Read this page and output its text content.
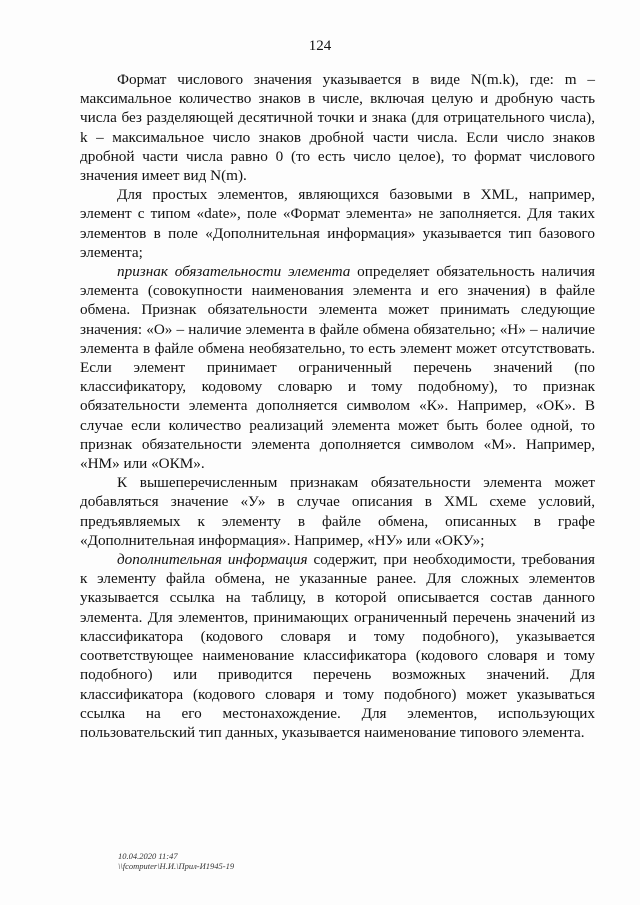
124

Формат числового значения указывается в виде N(m.k), где: m – максимальное количество знаков в числе, включая целую и дробную часть числа без разделяющей десятичной точки и знака (для отрицательного числа), k – максимальное число знаков дробной части числа. Если число знаков дробной части числа равно 0 (то есть число целое), то формат числового значения имеет вид N(m).

Для простых элементов, являющихся базовыми в XML, например, элемент с типом «date», поле «Формат элемента» не заполняется. Для таких элементов в поле «Дополнительная информация» указывается тип базового элемента;

признак обязательности элемента определяет обязательность наличия элемента (совокупности наименования элемента и его значения) в файле обмена. Признак обязательности элемента может принимать следующие значения: «О» – наличие элемента в файле обмена обязательно; «Н» – наличие элемента в файле обмена необязательно, то есть элемент может отсутствовать. Если элемент принимает ограниченный перечень значений (по классификатору, кодовому словарю и тому подобному), то признак обязательности элемента дополняется символом «К». Например, «ОК». В случае если количество реализаций элемента может быть более одной, то признак обязательности элемента дополняется символом «М». Например, «НМ» или «ОКМ».

К вышеперечисленным признакам обязательности элемента может добавляться значение «У» в случае описания в XML схеме условий, предъявляемых к элементу в файле обмена, описанных в графе «Дополнительная информация». Например, «НУ» или «ОКУ»;

дополнительная информация содержит, при необходимости, требования к элементу файла обмена, не указанные ранее. Для сложных элементов указывается ссылка на таблицу, в которой описывается состав данного элемента. Для элементов, принимающих ограниченный перечень значений из классификатора (кодового словаря и тому подобного), указывается соответствующее наименование классификатора (кодового словаря и тому подобного) или приводится перечень возможных значений. Для классификатора (кодового словаря и тому подобного) может указываться ссылка на его местонахождение. Для элементов, использующих пользовательский тип данных, указывается наименование типового элемента.

10.04.2020 11:47
\\fcomputer\Н.И.\Прил-И1945-19
